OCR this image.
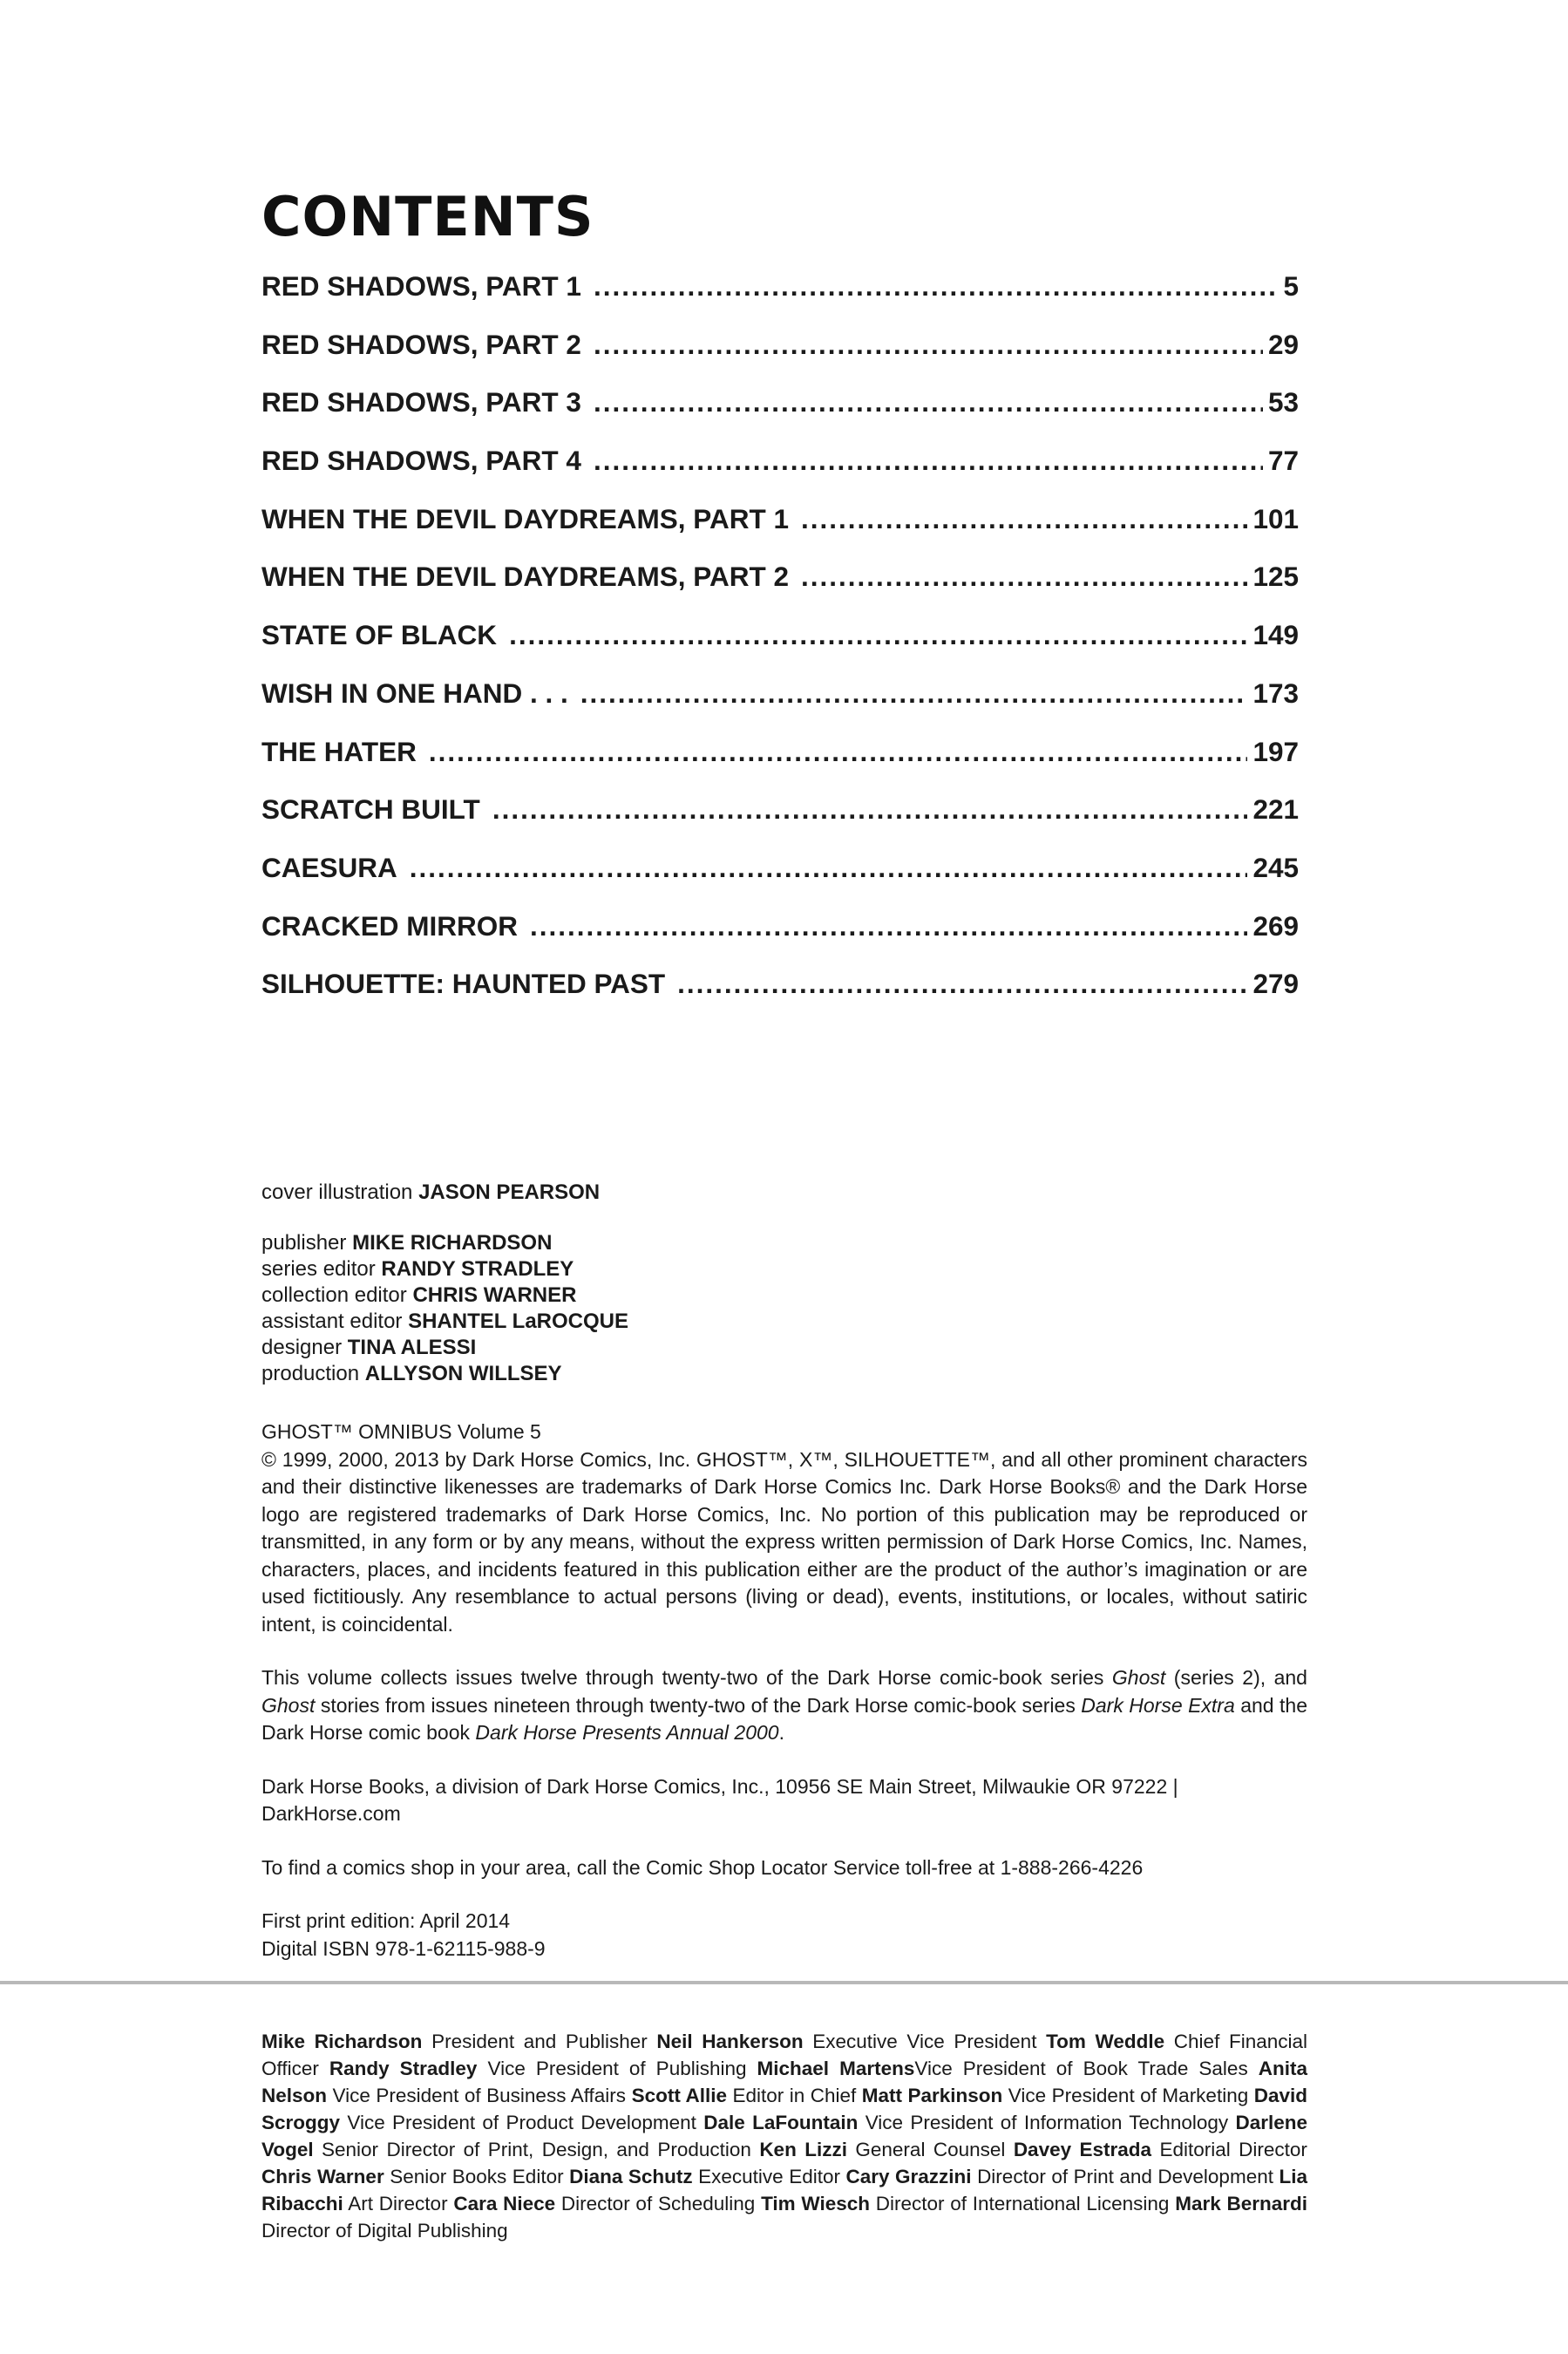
CONTENTS
RED SHADOWS, PART 1 .....	5
RED SHADOWS, PART 2 .....	29
RED SHADOWS, PART 3 .....	53
RED SHADOWS, PART 4 .....	77
WHEN THE DEVIL DAYDREAMS, PART 1 .....	101
WHEN THE DEVIL DAYDREAMS, PART 2 .....	125
STATE OF BLACK .....	149
WISH IN ONE HAND . . . .....	173
THE HATER .....	197
SCRATCH BUILT .....	221
CAESURA .....	245
CRACKED MIRROR .....	269
SILHOUETTE: HAUNTED PAST .....	279
cover illustration JASON PEARSON
publisher MIKE RICHARDSON
series editor RANDY STRADLEY
collection editor CHRIS WARNER
assistant editor SHANTEL LaROCQUE
designer TINA ALESSI
production ALLYSON WILLSEY

GHOST™ OMNIBUS Volume 5

© 1999, 2000, 2013 by Dark Horse Comics, Inc. GHOST™, X™, SILHOUETTE™, and all other prominent characters and their distinctive likenesses are trademarks of Dark Horse Comics Inc. Dark Horse Books® and the Dark Horse logo are registered trademarks of Dark Horse Comics, Inc. No portion of this publication may be reproduced or transmitted, in any form or by any means, without the express written permission of Dark Horse Comics, Inc. Names, characters, places, and incidents featured in this publication either are the product of the author’s imagination or are used fictitiously. Any resemblance to actual persons (living or dead), events, institutions, or locales, without satiric intent, is coincidental.

This volume collects issues twelve through twenty-two of the Dark Horse comic-book series Ghost (series 2), and Ghost stories from issues nineteen through twenty-two of the Dark Horse comic-book series Dark Horse Extra and the Dark Horse comic book Dark Horse Presents Annual 2000.

Dark Horse Books, a division of Dark Horse Comics, Inc., 10956 SE Main Street, Milwaukie OR 97222 | DarkHorse.com

To find a comics shop in your area, call the Comic Shop Locator Service toll-free at 1-888-266-4226

First print edition: April 2014

Digital ISBN 978-1-62115-988-9

Mike Richardson President and Publisher Neil Hankerson Executive Vice President Tom Weddle Chief Financial Officer Randy Stradley Vice President of Publishing Michael MartensVice President of Book Trade Sales Anita Nelson Vice President of Business Affairs Scott Allie Editor in Chief Matt Parkinson Vice President of Marketing David Scroggy Vice President of Product Development Dale LaFountain Vice President of Information Technology Darlene Vogel Senior Director of Print, Design, and Production Ken Lizzi General Counsel Davey Estrada Editorial Director Chris Warner Senior Books Editor Diana Schutz Executive Editor Cary Grazzini Director of Print and Development Lia Ribacchi Art Director Cara Niece Director of Scheduling Tim Wiesch Director of International Licensing Mark Bernardi Director of Digital Publishing
